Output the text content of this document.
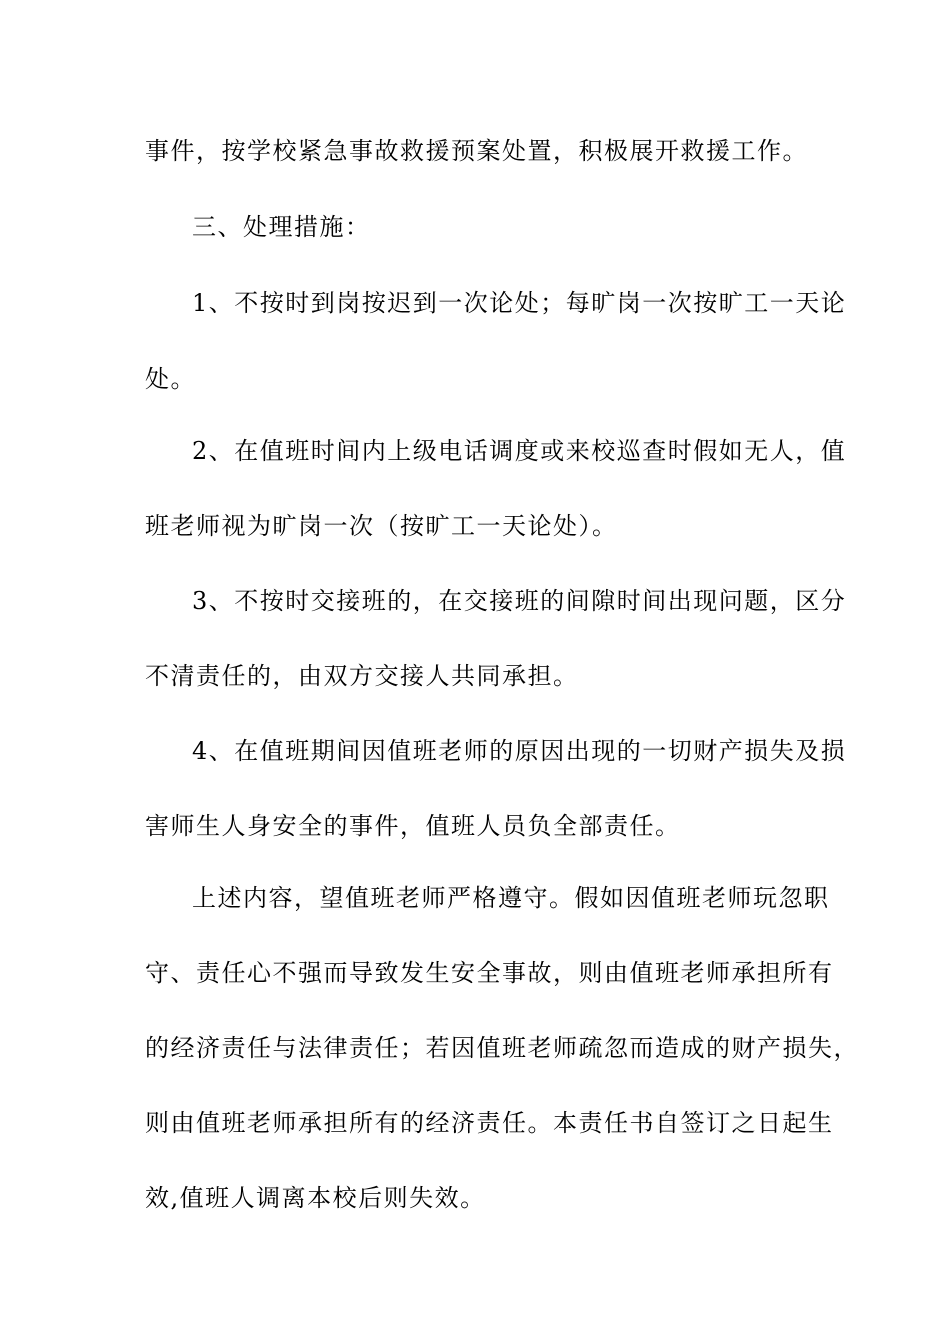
事件，按学校紧急事故救援预案处置，积极展开救援工作。
三、处理措施：
1、不按时到岗按迟到一次论处；每旷岗一次按旷工一天论
处。
2、在值班时间内上级电话调度或来校巡查时假如无人，值
班老师视为旷岗一次（按旷工一天论处）。
3、不按时交接班的，在交接班的间隙时间出现问题，区分
不清责任的，由双方交接人共同承担。
4、在值班期间因值班老师的原因出现的一切财产损失及损
害师生人身安全的事件，值班人员负全部责任。
上述内容，望值班老师严格遵守。假如因值班老师玩忽职
守、责任心不强而导致发生安全事故，则由值班老师承担所有
的经济责任与法律责任；若因值班老师疏忽而造成的财产损失，
则由值班老师承担所有的经济责任。本责任书自签订之日起生
效,值班人调离本校后则失效。
